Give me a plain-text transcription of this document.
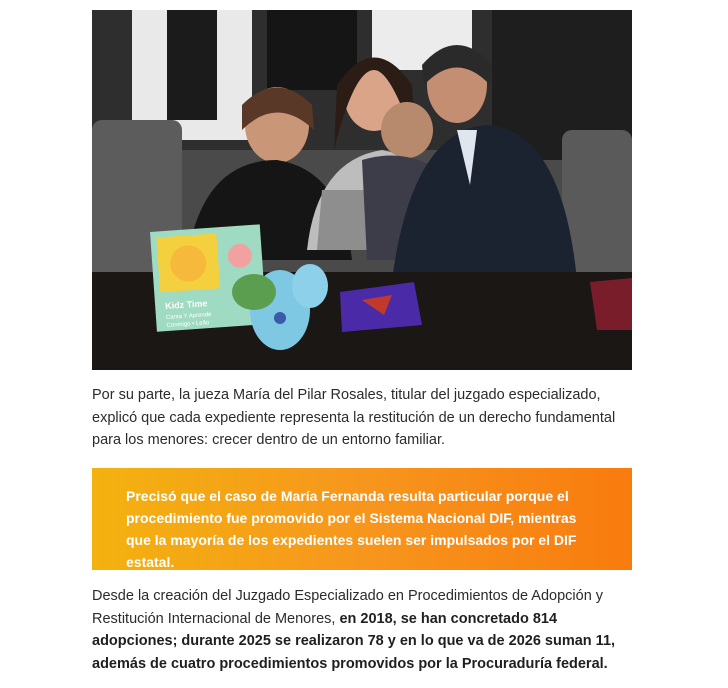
Kidz Time
Canta Y Aprende
Conmigo • Leão

Por su parte, la jueza María del Pilar Rosales, titular del juzgado especializado, explicó que cada expediente representa la restitución de un derecho fundamental para los menores: crecer dentro de un entorno familiar.

Precisó que el caso de María Fernanda resulta particular porque el procedimiento fue promovido por el Sistema Nacional DIF, mientras que la mayoría de los expedientes suelen ser impulsados por el DIF estatal.

Desde la creación del Juzgado Especializado en Procedimientos de Adopción y Restitución Internacional de Menores, en 2018, se han concretado 814 adopciones; durante 2025 se realizaron 78 y en lo que va de 2026 suman 11, además de cuatro procedimientos promovidos por la Procuraduría federal.
